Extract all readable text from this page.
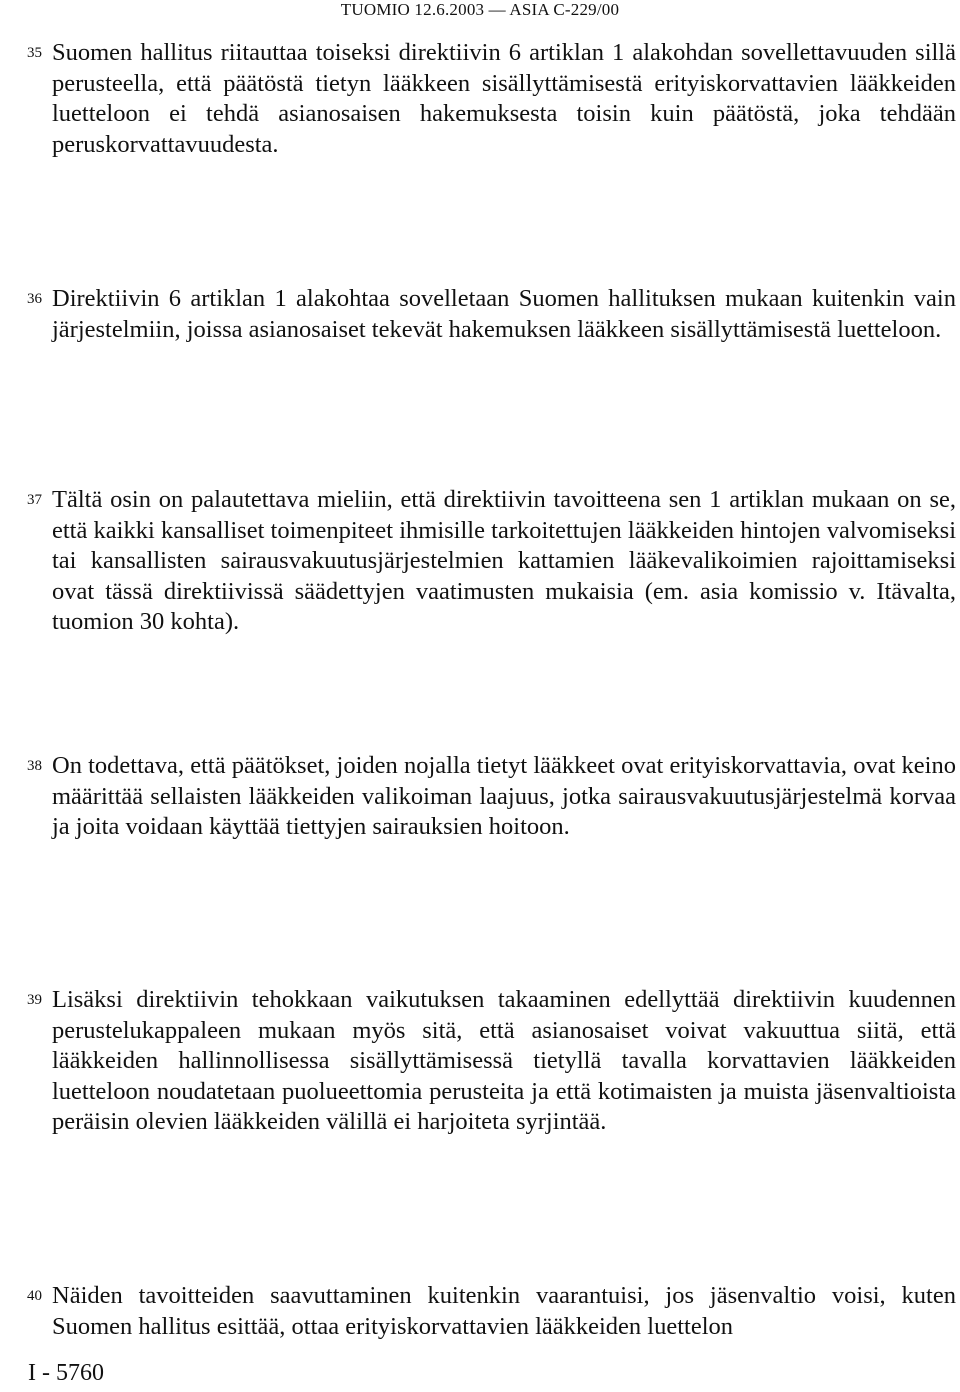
TUOMIO 12.6.2003 — ASIA C-229/00
35 Suomen hallitus riitauttaa toiseksi direktiivin 6 artiklan 1 alakohdan sovellettavuuden sillä perusteella, että päätöstä tietyn lääkkeen sisällyttämisestä erityiskorvattavien lääkkeiden luetteloon ei tehdä asianosaisen hakemuksesta toisin kuin päätöstä, joka tehdään peruskorvattavuudesta.

36 Direktiivin 6 artiklan 1 alakohtaa sovelletaan Suomen hallituksen mukaan kuitenkin vain järjestelmiin, joissa asianosaiset tekevät hakemuksen lääkkeen sisällyttämisestä luetteloon.

37 Tältä osin on palautettava mieliin, että direktiivin tavoitteena sen 1 artiklan mukaan on se, että kaikki kansalliset toimenpiteet ihmisille tarkoitettujen lääkkeiden hintojen valvomiseksi tai kansallisten sairausvakuutusjärjestelmien kattamien lääkevalikoimien rajoittamiseksi ovat tässä direktiivissä säädettyjen vaatimusten mukaisia (em. asia komissio v. Itävalta, tuomion 30 kohta).

38 On todettava, että päätökset, joiden nojalla tietyt lääkkeet ovat erityiskorvattavia, ovat keino määrittää sellaisten lääkkeiden valikoiman laajuus, jotka sairausvakuutusjärjestelmä korvaa ja joita voidaan käyttää tiettyjen sairauksien hoitoon.

39 Lisäksi direktiivin tehokkaan vaikutuksen takaaminen edellyttää direktiivin kuudennen perustelukappaleen mukaan myös sitä, että asianosaiset voivat vakuuttua siitä, että lääkkeiden hallinnollisessa sisällyttämisessä tietyllä tavalla korvattavien lääkkeiden luetteloon noudatetaan puolueettomia perusteita ja että kotimaisten ja muista jäsenvaltioista peräisin olevien lääkkeiden välillä ei harjoiteta syrjintää.

40 Näiden tavoitteiden saavuttaminen kuitenkin vaarantuisi, jos jäsenvaltio voisi, kuten Suomen hallitus esittää, ottaa erityiskorvattavien lääkkeiden luettelon

I - 5760
